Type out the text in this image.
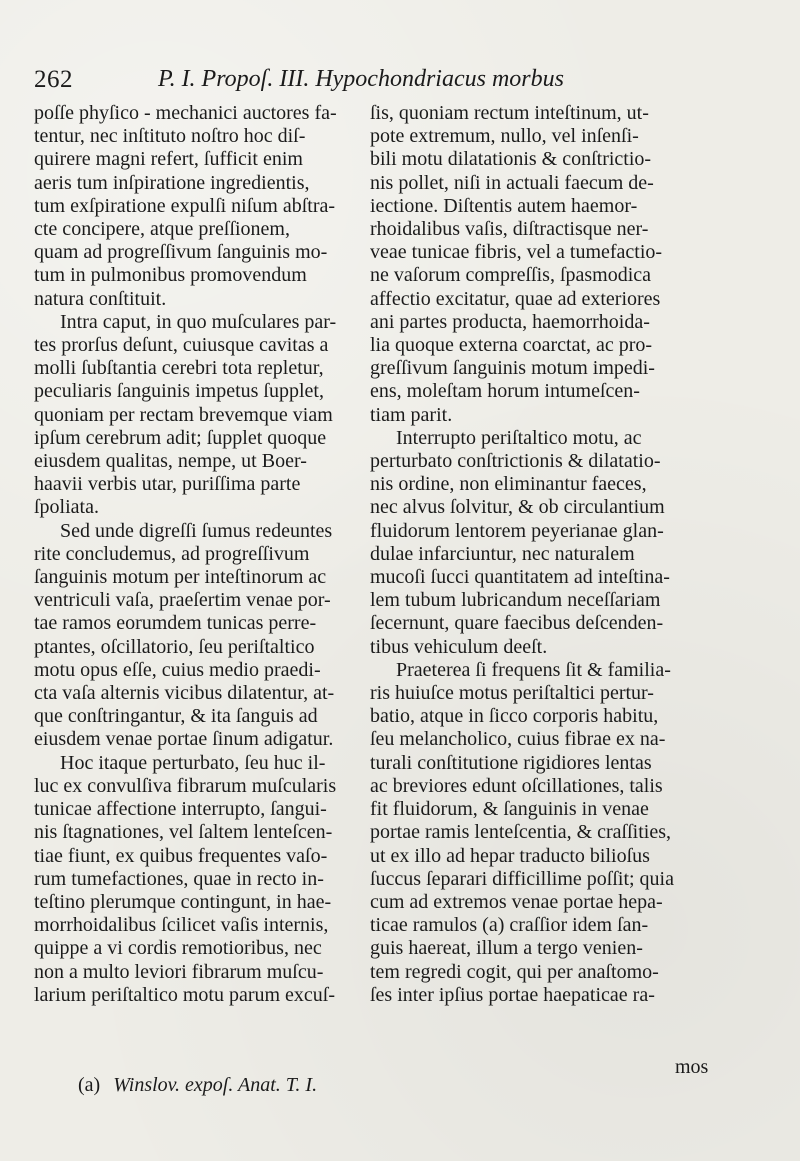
262	P. I. Propoſ. III. Hypochondriacus morbus
poſſe phyſico - mechanici auctores fa-
tentur, nec inſtituto noſtro hoc diſ-
quirere magni refert, ſufficit enim
aeris tum inſpiratione ingredientis,
tum exſpiratione expulſi niſum abſtra-
cte concipere, atque preſſionem,
quam ad progreſſivum ſanguinis mo-
tum in pulmonibus promovendum
natura conſtituit.
Intra caput, in quo muſculares par-
tes prorſus deſunt, cuiusque cavitas a
molli ſubſtantia cerebri tota repletur,
peculiaris ſanguinis impetus ſupplet,
quoniam per rectam brevemque viam
ipſum cerebrum adit; ſupplet quoque
eiusdem qualitas, nempe, ut Boer-
haavii verbis utar, puriſſima parte
ſpoliata.
Sed unde digreſſi ſumus redeuntes
rite concludemus, ad progreſſivum
ſanguinis motum per inteſtinorum ac
ventriculi vaſa, praeſertim venae por-
tae ramos eorumdem tunicas perre-
ptantes, oſcillatorio, ſeu periſtaltico
motu opus eſſe, cuius medio praedi-
cta vaſa alternis vicibus dilatentur, at-
que conſtringantur, & ita ſanguis ad
eiusdem venae portae ſinum adigatur.
Hoc itaque perturbato, ſeu huc il-
luc ex convulſiva fibrarum muſcularis
tunicae affectione interrupto, ſangui-
nis ſtagnationes, vel ſaltem lenteſcen-
tiae fiunt, ex quibus frequentes vaſo-
rum tumefactiones, quae in recto in-
teſtino plerumque contingunt, in hae-
morrhoidalibus ſcilicet vaſis internis,
quippe a vi cordis remotioribus, nec
non a multo leviori fibrarum muſcu-
larium periſtaltico motu parum excuſ-
ſis, quoniam rectum inteſtinum, ut-
pote extremum, nullo, vel inſenſi-
bili motu dilatationis & conſtrictio-
nis pollet, niſi in actuali faecum de-
iectione. Diſtentis autem haemor-
rhoidalibus vaſis, diſtractisque ner-
veae tunicae fibris, vel a tumefactio-
ne vaſorum compreſſis, ſpasmodica
affectio excitatur, quae ad exteriores
ani partes producta, haemorrhoida-
lia quoque externa coarctat, ac pro-
greſſivum ſanguinis motum impedi-
ens, moleſtam horum intumeſcen-
tiam parit.
Interrupto periſtaltico motu, ac
perturbato conſtrictionis & dilatatio-
nis ordine, non eliminantur faeces,
nec alvus ſolvitur, & ob circulantium
fluidorum lentorem peyerianae glan-
dulae infarciuntur, nec naturalem
mucoſi ſucci quantitatem ad inteſtina-
lem tubum lubricandum neceſſariam
ſecernunt, quare faecibus deſcenden-
tibus vehiculum deeſt.
Praeterea ſi frequens ſit & familia-
ris huiuſce motus periſtaltici pertur-
batio, atque in ſicco corporis habitu,
ſeu melancholico, cuius fibrae ex na-
turali conſtitutione rigidiores lentas
ac breviores edunt oſcillationes, talis
fit fluidorum, & ſanguinis in venae
portae ramis lenteſcentia, & craſſities,
ut ex illo ad hepar traducto bilioſus
ſuccus ſeparari difficillime poſſit; quia
cum ad extremos venae portae hepa-
ticae ramulos (a) craſſior idem ſan-
guis haereat, illum a tergo venien-
tem regredi cogit, qui per anaſtomo-
ſes inter ipſius portae haepaticae ra-
mos
(a) Winslov. expoſ. Anat. T. I.
